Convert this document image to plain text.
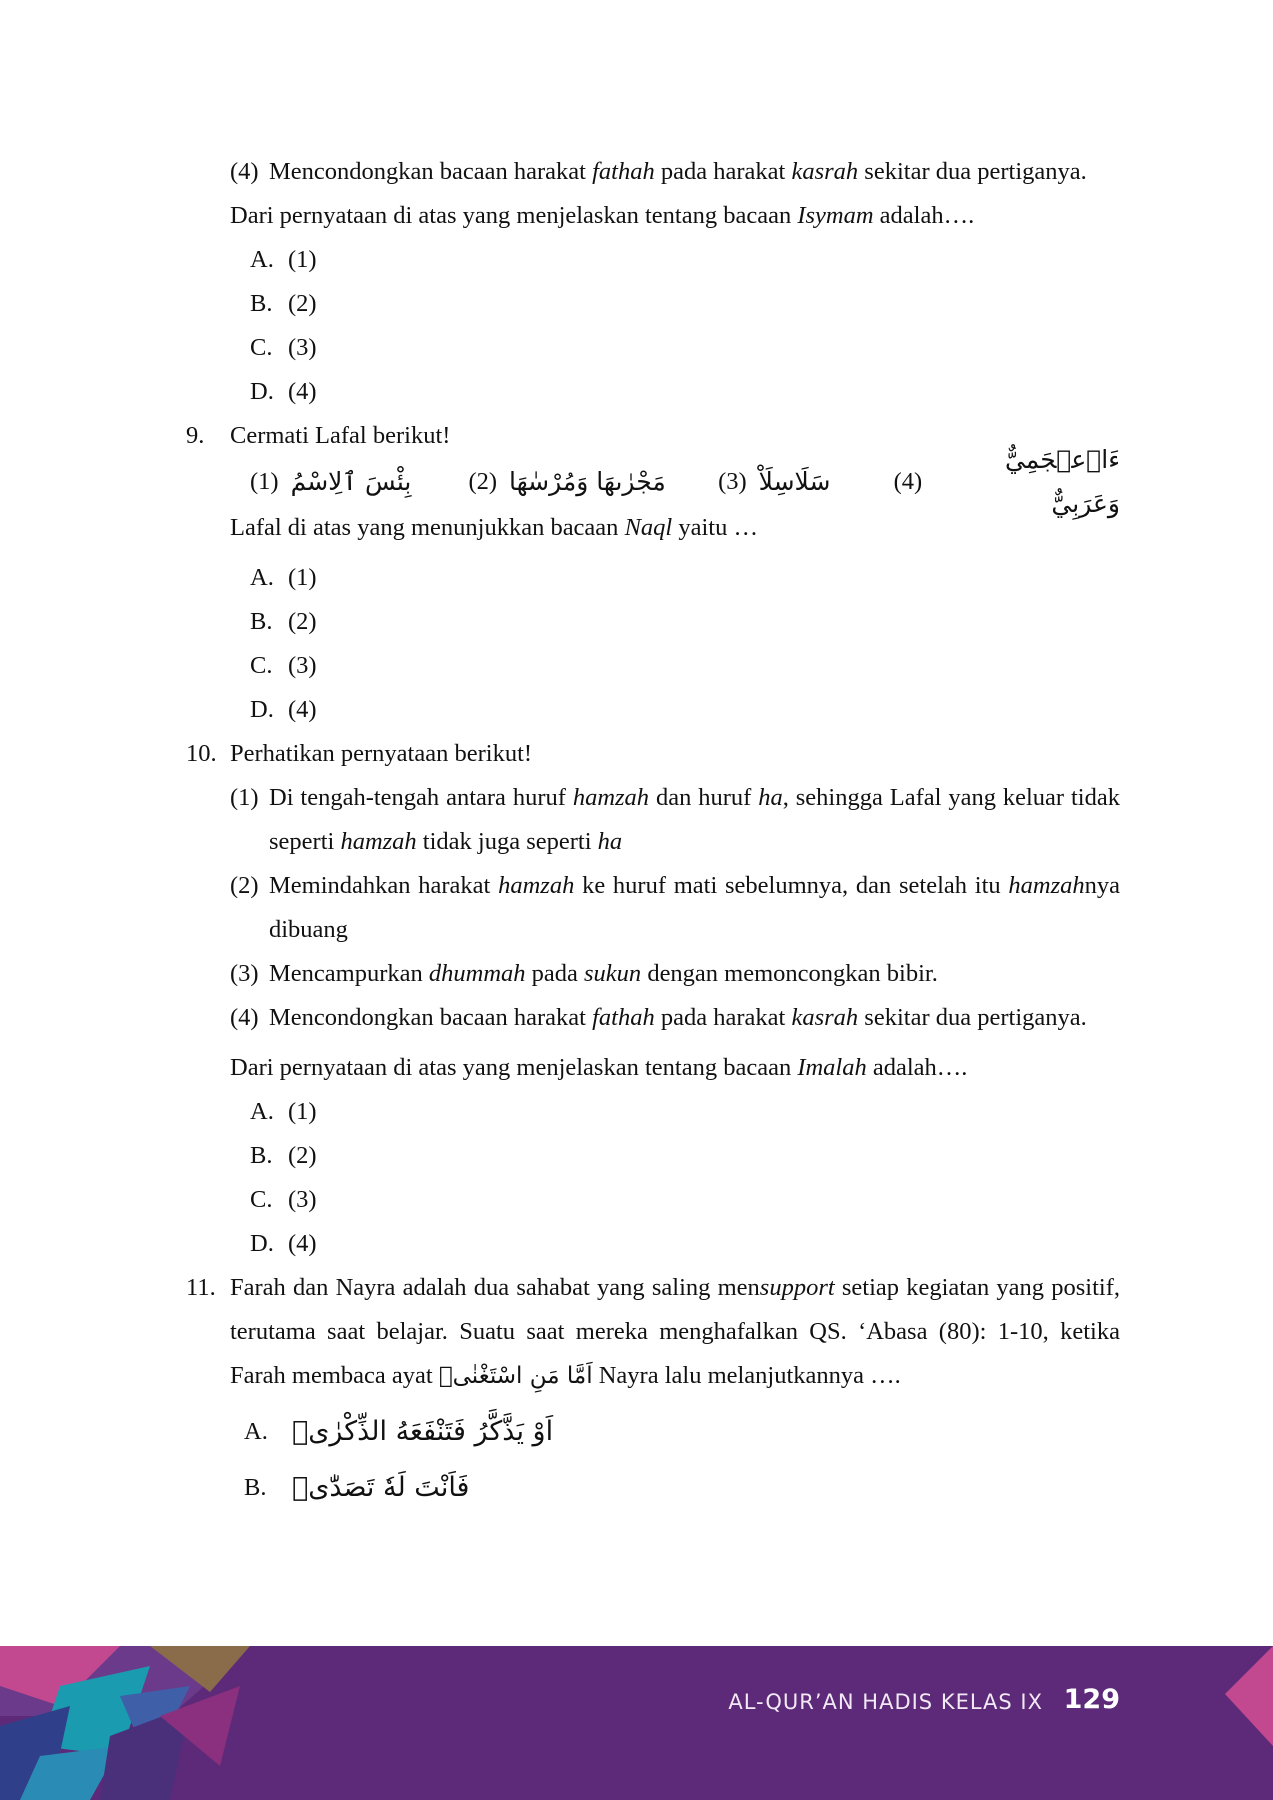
(4) Mencondongkan bacaan harakat fathah pada harakat kasrah sekitar dua pertiganya.
Dari pernyataan di atas yang menjelaskan tentang bacaan Isymam adalah….
A. (1)
B. (2)
C. (3)
D. (4)
9.	Cermati Lafal berikut!
(1) بِئْسَ ٱلِاسْمُ (2) مَجْرٰىهَا وَمُرْسٰهَا (3) سَلَاسِلَاْ	(4)
ءَاۡعۡجَمِيٌّ وَعَرَبِيٌّ
Lafal di atas yang menunjukkan bacaan Naql yaitu …
A. (1)
B. (2)
C. (3)
D. (4)
10. Perhatikan pernyataan berikut!
(1) Di tengah-tengah antara huruf hamzah dan huruf ha, sehingga Lafal yang keluar tidak seperti hamzah tidak juga seperti ha
(2) Memindahkan harakat hamzah ke huruf mati sebelumnya, dan setelah itu hamzahnya dibuang
(3) Mencampurkan dhummah pada sukun dengan memoncongkan bibir.
(4) Mencondongkan bacaan harakat fathah pada harakat kasrah sekitar dua pertiganya.
Dari pernyataan di atas yang menjelaskan tentang bacaan Imalah adalah….
A. (1)
B. (2)
C. (3)
D. (4)
11. Farah dan Nayra adalah dua sahabat yang saling mensupport setiap kegiatan yang positif, terutama saat belajar. Suatu saat mereka menghafalkan QS. ‘Abasa (80): 1-10, ketika Farah membaca ayat اَمَّا مَنِ اسْتَغْنٰىۙ Nayra lalu melanjutkannya ….
A. اَوْ يَذَّكَّرُ فَتَنْفَعَهُ الذِّكْرٰىۗ
B. فَاَنْتَ لَهٗ تَصَدّٰىۗ
AL-QUR’AN HADIS KELAS IX 129
